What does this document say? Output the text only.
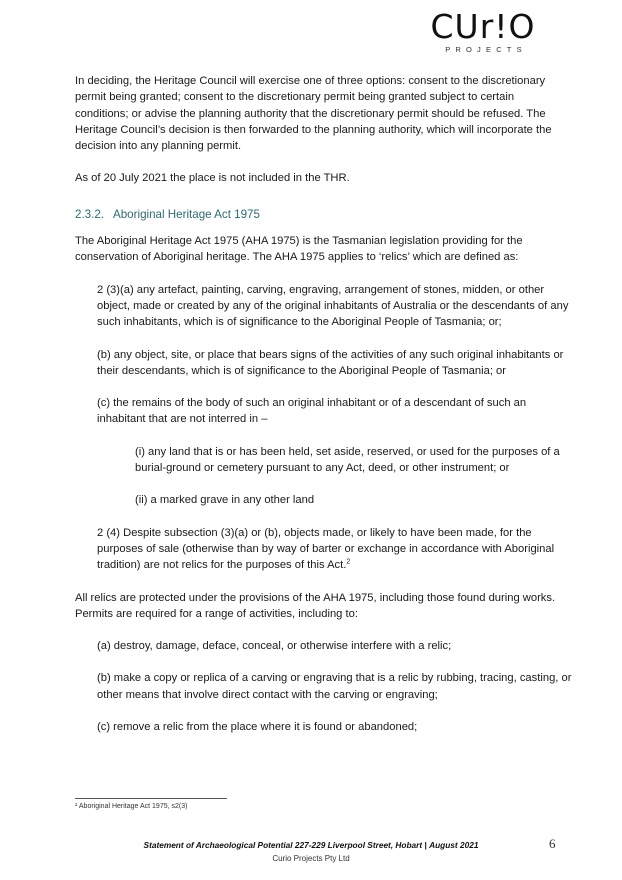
CUr!O
PROJECTS

In deciding, the Heritage Council will exercise one of three options: consent to the discretionary permit being granted; consent to the discretionary permit being granted subject to certain conditions; or advise the planning authority that the discretionary permit should be refused. The Heritage Council’s decision is then forwarded to the planning authority, which will incorporate the decision into any planning permit.

As of 20 July 2021 the place is not included in the THR.

2.3.2. Aboriginal Heritage Act 1975

The Aboriginal Heritage Act 1975 (AHA 1975) is the Tasmanian legislation providing for the conservation of Aboriginal heritage. The AHA 1975 applies to ‘relics’ which are defined as:

2 (3)(a) any artefact, painting, carving, engraving, arrangement of stones, midden, or other object, made or created by any of the original inhabitants of Australia or the descendants of any such inhabitants, which is of significance to the Aboriginal People of Tasmania; or;

(b) any object, site, or place that bears signs of the activities of any such original inhabitants or their descendants, which is of significance to the Aboriginal People of Tasmania; or

(c) the remains of the body of such an original inhabitant or of a descendant of such an inhabitant that are not interred in –

(i) any land that is or has been held, set aside, reserved, or used for the purposes of a burial-ground or cemetery pursuant to any Act, deed, or other instrument; or

(ii) a marked grave in any other land

2 (4) Despite subsection (3)(a) or (b), objects made, or likely to have been made, for the purposes of sale (otherwise than by way of barter or exchange in accordance with Aboriginal tradition) are not relics for the purposes of this Act.$^2$

All relics are protected under the provisions of the AHA 1975, including those found during works. Permits are required for a range of activities, including to:

(a) destroy, damage, deface, conceal, or otherwise interfere with a relic;

(b) make a copy or replica of a carving or engraving that is a relic by rubbing, tracing, casting, or other means that involve direct contact with the carving or engraving;

(c) remove a relic from the place where it is found or abandoned;

² Aboriginal Heritage Act 1975, s2(3)
Statement of Archaeological Potential 227-229 Liverpool Street, Hobart | August 2021
Curio Projects Pty Ltd
6
